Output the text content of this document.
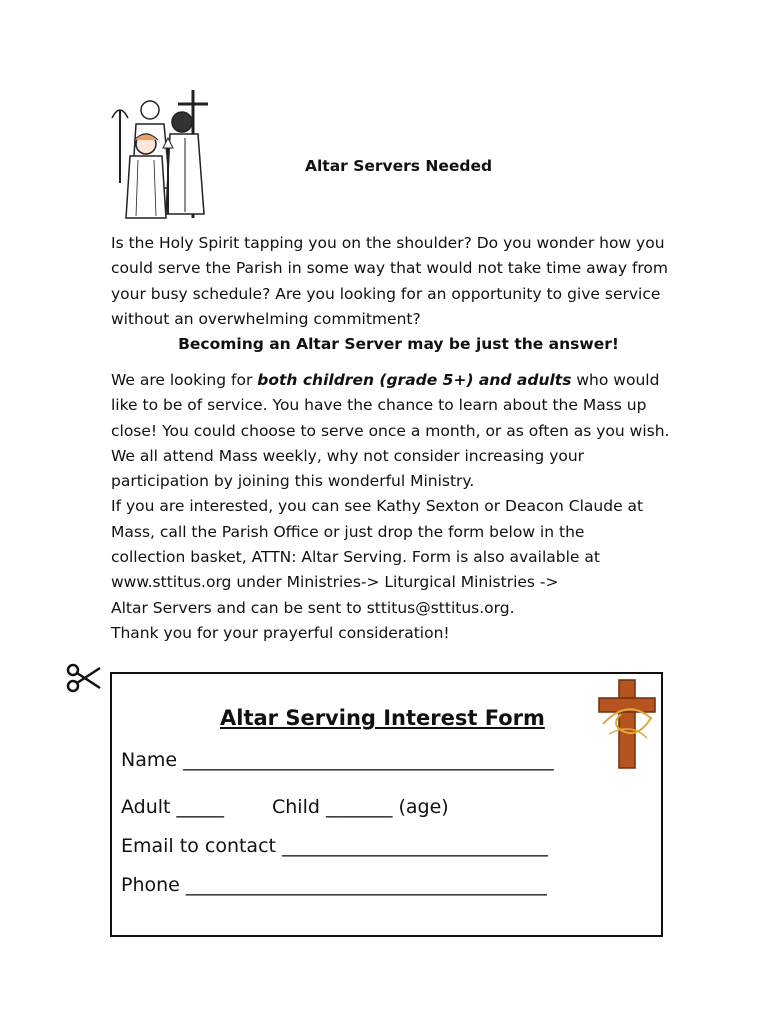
Altar Servers Needed
Is the Holy Spirit tapping you on the shoulder? Do you wonder how you could serve the Parish in some way that would not take time away from your busy schedule? Are you looking for an opportunity to give service without an overwhelming commitment?
Becoming an Altar Server may be just the answer!
We are looking for both children (grade 5+) and adults who would like to be of service. You have the chance to learn about the Mass up close! You could choose to serve once a month, or as often as you wish. We all attend Mass weekly, why not consider increasing your participation by joining this wonderful Ministry.
If you are interested, you can see Kathy Sexton or Deacon Claude at
Mass, call the Parish Office or just drop the form below in the
collection basket, ATTN: Altar Serving. Form is also available at
www.sttitus.org under Ministries-> Liturgical Ministries ->
Altar Servers and can be sent to sttitus@sttitus.org.
Thank you for your prayerful consideration!
Altar Serving Interest Form
Name _______________________________________
Adult _____	Child _______ (age)
Email to contact ____________________________
Phone ______________________________________
